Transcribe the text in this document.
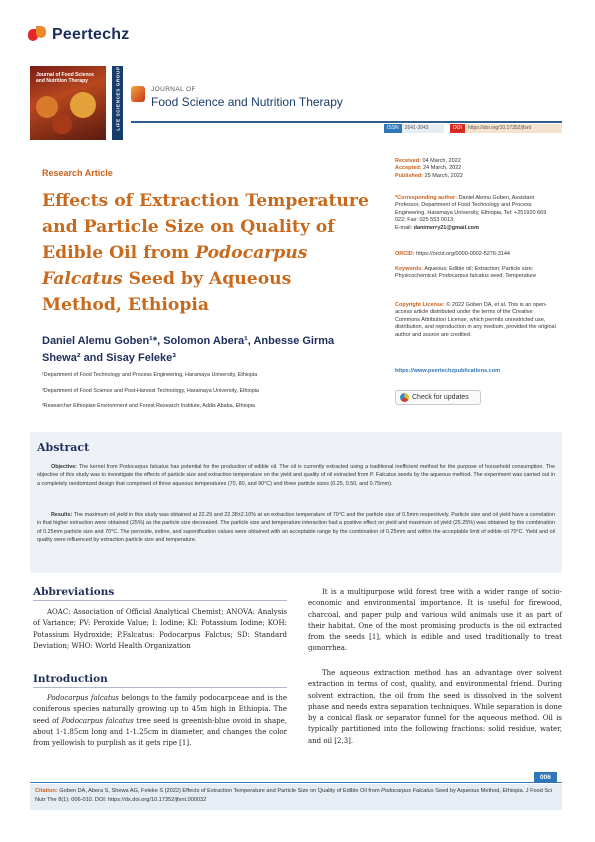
Peertechz
Journal of Food Science and Nutrition Therapy	LIFE SCIENCES GROUP	JOURNAL OF
Food Science and Nutrition Therapy
ISSN	2641-3043	DOI	https://doi.org/10.17352/jfsnt
Research Article
Effects of Extraction Temperature and Particle Size on Quality of Edible Oil from Podocarpus Falcatus Seed by Aqueous Method, Ethiopia
Daniel Alemu Goben¹*, Solomon Abera¹, Anbesse Girma
Shewa² and Sisay Feleke³
¹Department of Food Technology and Process Engineering, Haramaya University, Ethiopia
²Department of Food Science and Post-Harvest Technology, Haramaya University, Ethiopia
³Researcher Ethiopian Environment and Forest Research Institute, Addis Ababa, Ethiopia
Received: 04 March, 2022
Accepted: 24 March, 2022
Published: 25 March, 2022
*Corresponding author: Daniel Alemu Goben, Assistant Professor, Department of Food Technology and Process Engineering, Haramaya University, Ethiopia, Tel: +251920 669 022; Fax: 025 553 0013;
E-mail: danimerry21@gmail.com
ORCID: https://orcid.org/0000-0002-5276-3144
Keywords: Aqueous; Edible oil; Extraction; Particle size; Physicochemical; Podocarpus falcatus seed; Temperature
Copyright License: © 2022 Goben DA, et al. This is an open-access article distributed under the terms of the Creative Commons Attribution License, which permits unrestricted use, distribution, and reproduction in any medium, provided the original author and source are credited.
https://www.peertechzpublications.com
Check for updates
Abstract
Objective: The kernel from Podocarpus falcatus has potential for the production of edible oil. The oil is currently extracted using a traditional inefficient method for the purpose of household consumption. The objective of this study was to investigate the effects of particle size and extraction temperature on the yield and quality of oil extracted from P. Falcatus seeds by the aqueous method. The experiment was carried out in a completely randomized design that comprised of three aqueous temperatures (70, 80, and 90°C) and three particle sizes (0.25, 0.50, and 0.75mm).
Results: The maximum oil yield in this study was obtained at 22.29 and 22.38±2.10% at an extraction temperature of 70°C and the particle size of 0.5mm respectively. Particle size and oil yield have a correlation in that higher extraction were obtained (25%) as the particle size decreased. The particle size and temperature interaction had a positive effect on yield and maximum oil yield (25.25%) was obtained by the combination of 0.25mm particle size and 70°C. The peroxide, iodine, and saponification values were obtained with an acceptable range by the combination of 0.25mm and within the acceptable limit of edible oil 70°C. Yield and oil quality were influenced by extraction particle size and temperature.
Abbreviations
AOAC: Association of Official Analytical Chemist; ANOVA: Analysis of Variance; PV: Peroxide Value; I: Iodine; KI: Potassium Iodine; KOH: Potassium Hydroxide; P.Falcatus: Podocarpus Falctus; SD: Standard Deviation; WHO: World Health Organization
Introduction
Podocarpus falcatus belongs to the family podocarpceae and is the coniferous species naturally growing up to 45m high in Ethiopia. The seed of Podocarpus falcatus tree seed is greenish-blue ovoid in shape, about 1-1.85cm long and 1-1.25cm in diameter, and changes the color from yellowish to purplish as it gets ripe [1].
It is a multipurpose wild forest tree with a wider range of socio-economic and environmental importance. It is useful for firewood, charcoal, and paper pulp and various wild animals use it as part of their habitat. One of the most promising products is the oil extracted from the seeds [1], which is edible and used traditionally to treat gonorrhea.
The aqueous extraction method has an advantage over solvent extraction in terms of cost, quality, and environmental friend. During solvent extraction, the oil from the seed is dissolved in the solvent phase and needs extra separation techniques. While separation is done by a conical flask or separator funnel for the aqueous method. Oil is typically partitioned into the following fractions: solid residue, water, and oil [2,3].
006
Citation: Goben DA, Abera S, Shewa AG, Feleke S (2022) Effects of Extraction Temperature and Particle Size on Quality of Edible Oil from Podocarpus Falcatus Seed by Aqueous Method, Ethiopia. J Food Sci Nutr The 8(1): 006-010. DOI: https://dx.doi.org/10.17352/jfsnt.000032
